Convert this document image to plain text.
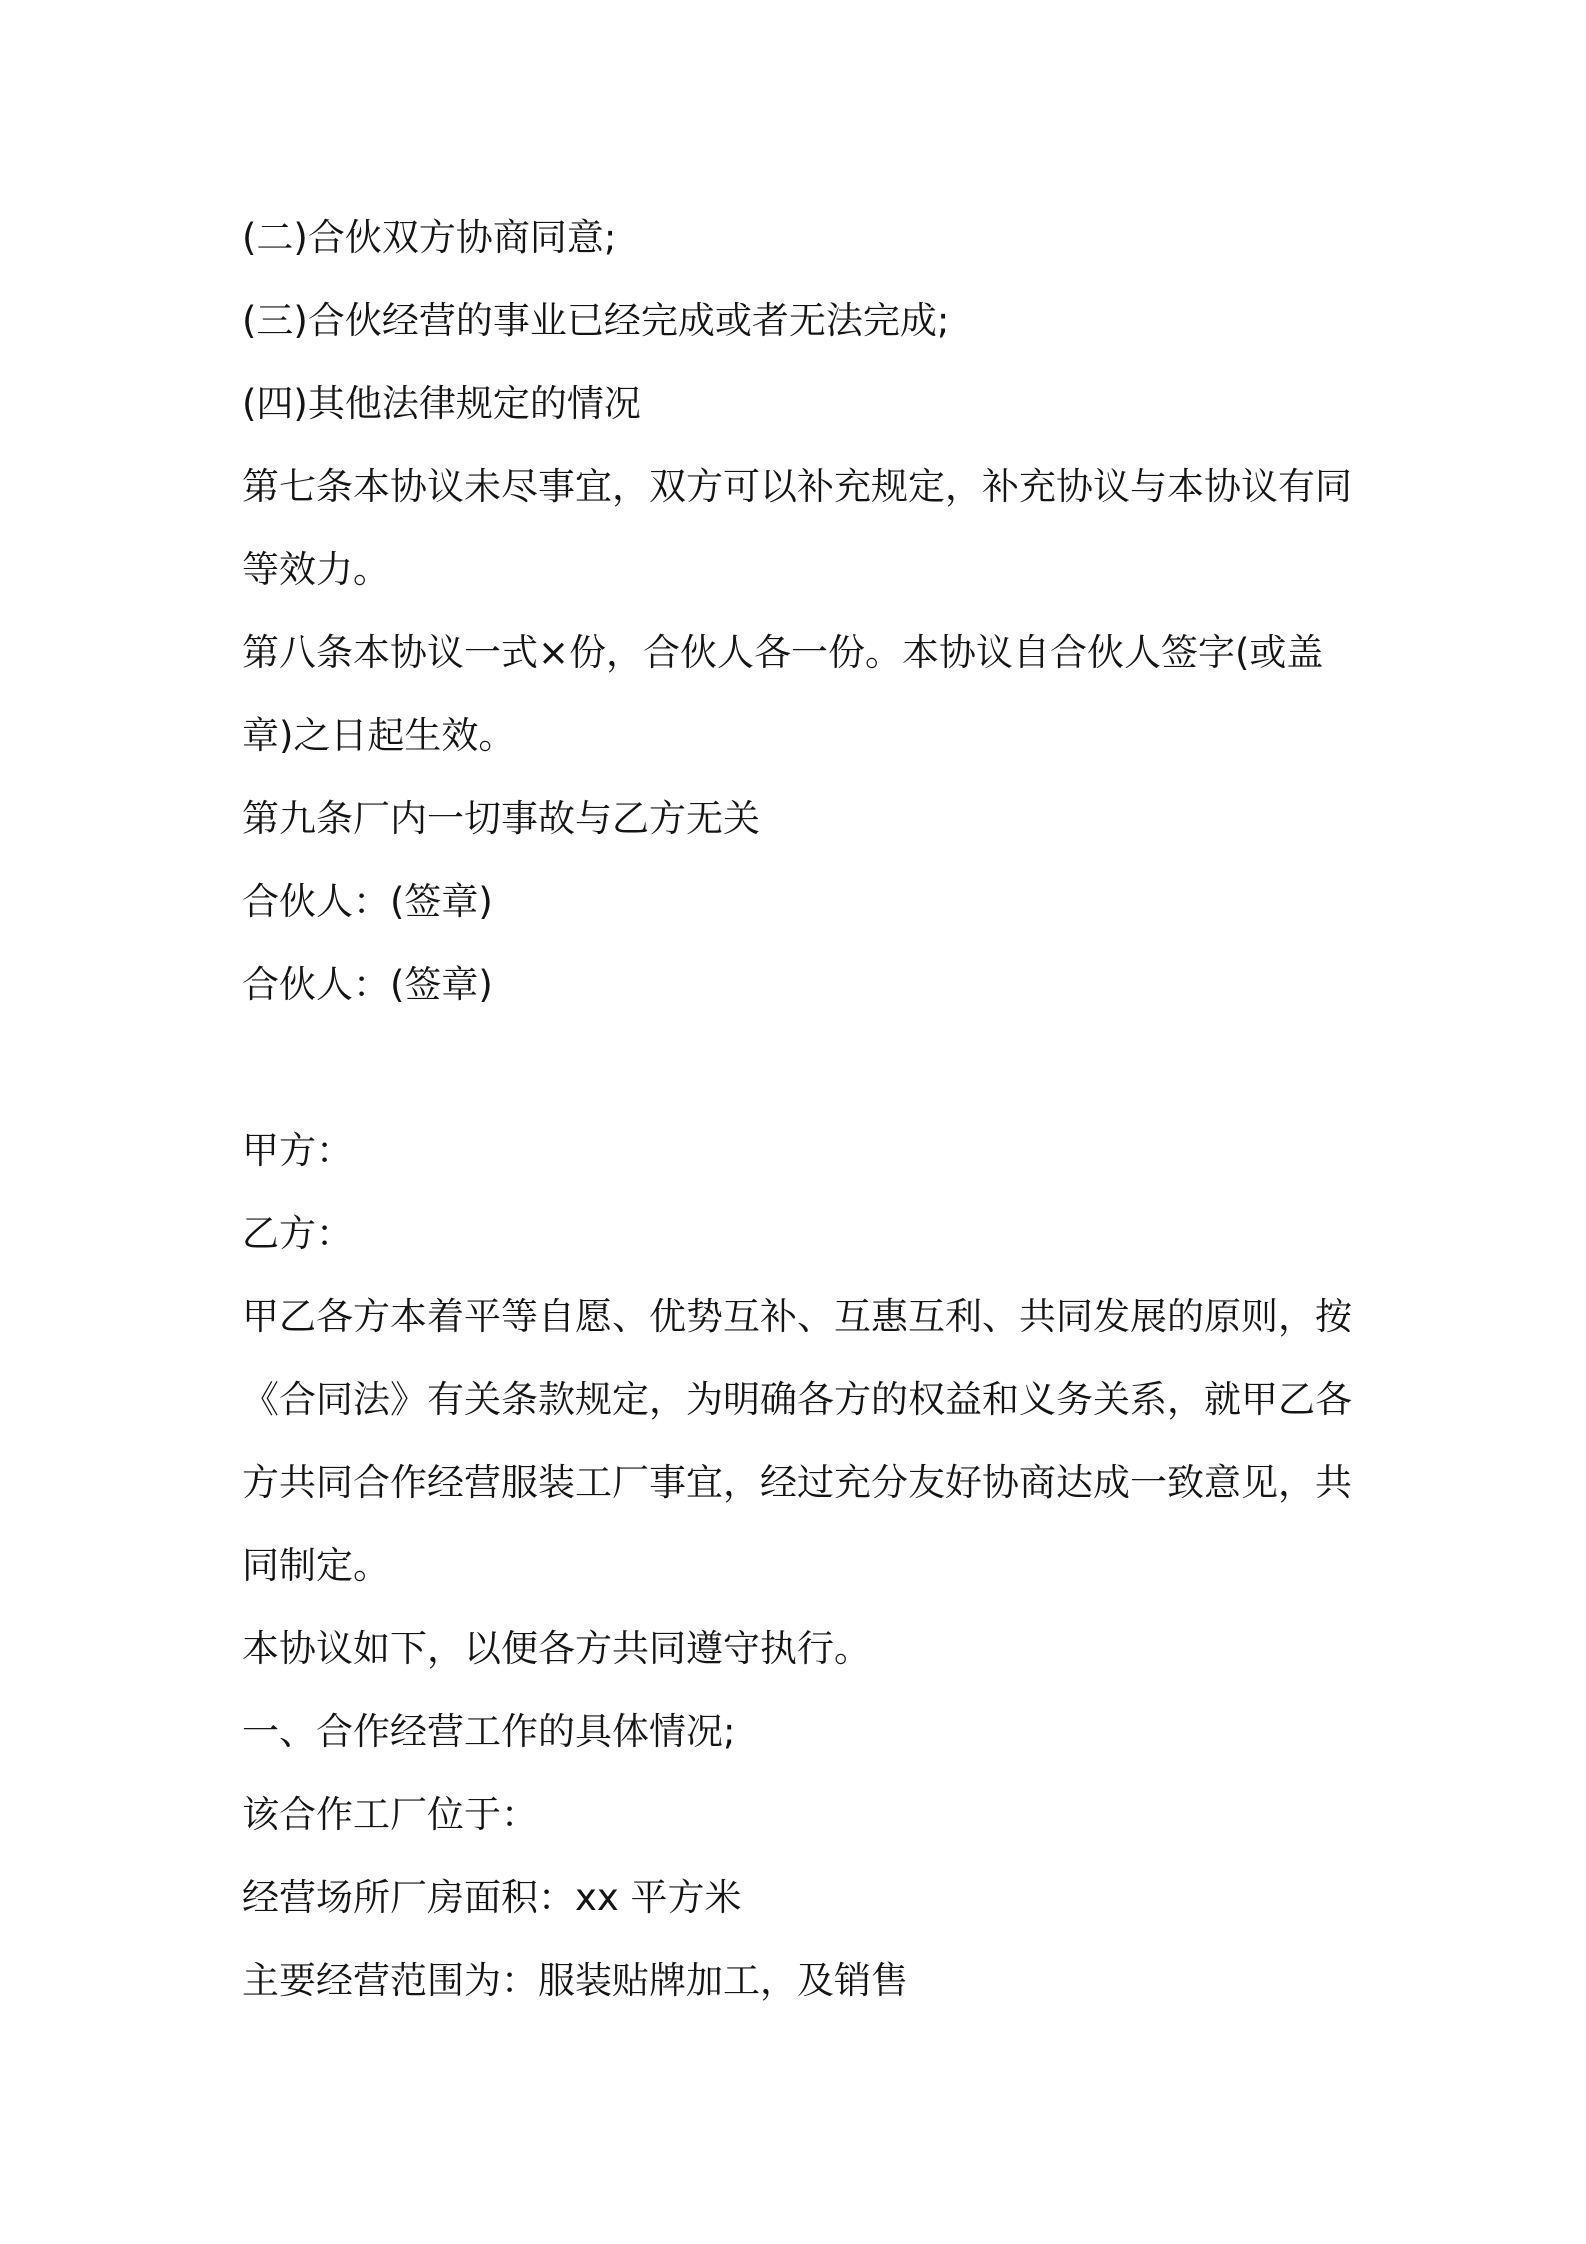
(二)合伙双方协商同意;

(三)合伙经营的事业已经完成或者无法完成;

(四)其他法律规定的情况

第七条本协议未尽事宜，双方可以补充规定，补充协议与本协议有同等效力。

第八条本协议一式×份，合伙人各一份。本协议自合伙人签字(或盖章)之日起生效。

第九条厂内一切事故与乙方无关

合伙人：(签章)

合伙人：(签章)

甲方：

乙方：

甲乙各方本着平等自愿、优势互补、互惠互利、共同发展的原则，按《合同法》有关条款规定，为明确各方的权益和义务关系，就甲乙各方共同合作经营服装工厂事宜，经过充分友好协商达成一致意见，共同制定。

本协议如下，以便各方共同遵守执行。

一、合作经营工作的具体情况;

该合作工厂位于：

经营场所厂房面积：xx 平方米

主要经营范围为：服装贴牌加工，及销售
